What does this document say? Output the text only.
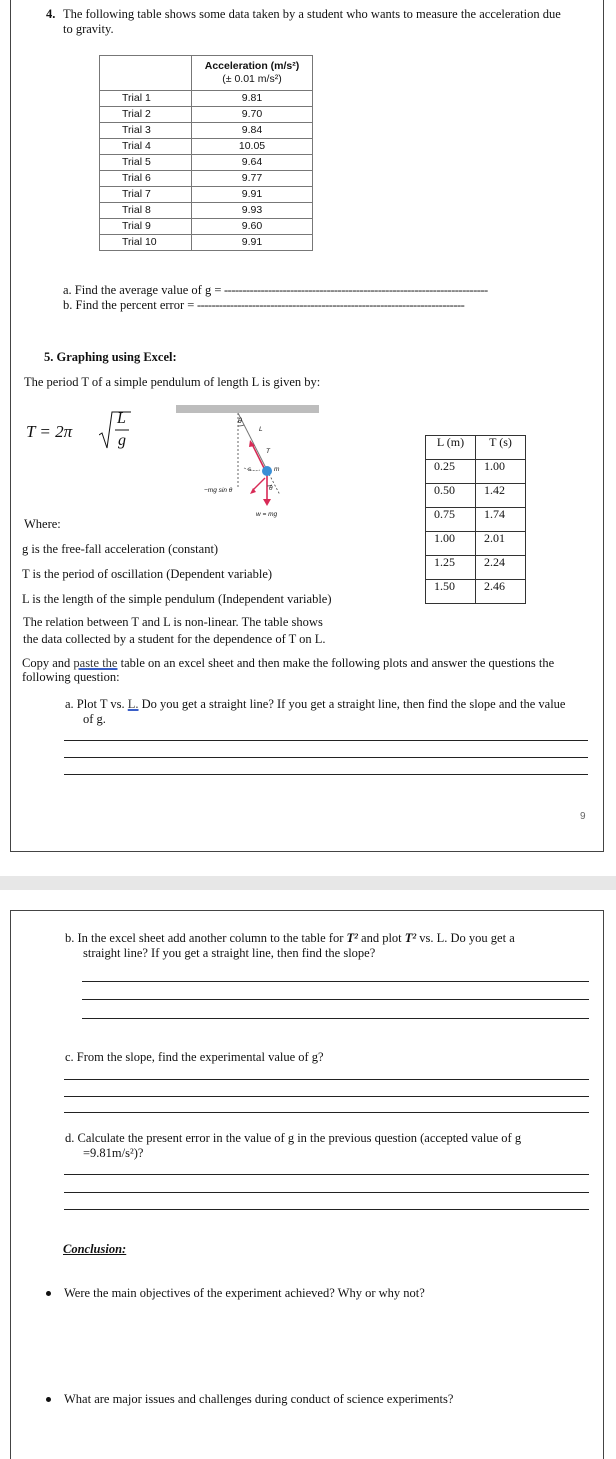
4. The following table shows some data taken by a student who wants to measure the acceleration due
to gravity.

	Acceleration (m/s²)
(± 0.01 m/s²)

Trial 1	9.81
Trial 2	9.70
Trial 3	9.84
Trial 4	10.05
Trial 5	9.64
Trial 6	9.77
Trial 7	9.91
Trial 8	9.93
Trial 9	9.60
Trial 10	9.91
a. Find the average value of g = ------------------------------------------------------------------------
b. Find the percent error = -------------------------------------------------------------------------
5. Graphing using Excel:
The period T of a simple pendulum of length L is given by:
T = 2π
L
g
θ
L
T
s	m
−mg sin θ	θ
w = mg
L (m)	T (s)
0.25	1.00
0.50	1.42
0.75	1.74
1.00	2.01
1.25	2.24
1.50	2.46
Where:
g is the free-fall acceleration (constant)
T is the period of oscillation (Dependent variable)
L is the length of the simple pendulum (Independent variable)
The relation between T and L is non-linear. The table shows
the data collected by a student for the dependence of T on L.
Copy and paste the table on an excel sheet and then make the following plots and answer the questions the
following question:
a. Plot T vs. L. Do you get a straight line? If you get a straight line, then find the slope and the value
of g.
9
b. In the excel sheet add another column to the table for T² and plot T² vs. L. Do you get a
straight line? If you get a straight line, then find the slope?
c. From the slope, find the experimental value of g?
d. Calculate the present error in the value of g in the previous question (accepted value of g
=9.81m/s²)?
Conclusion:
Were the main objectives of the experiment achieved? Why or why not?
What are major issues and challenges during conduct of science experiments?
